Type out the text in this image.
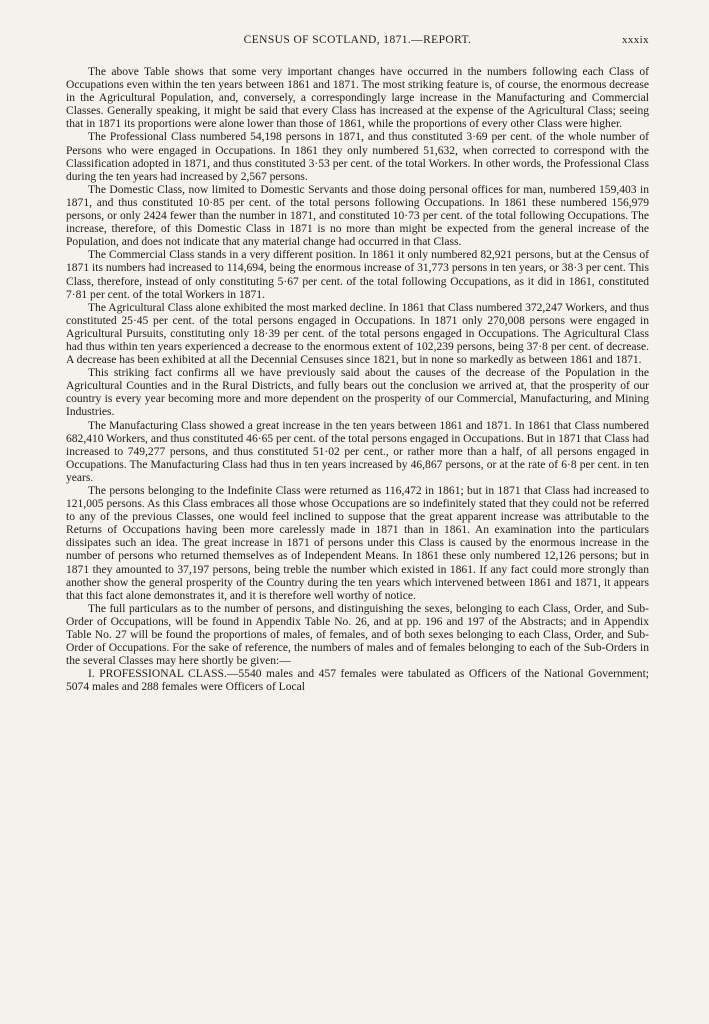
CENSUS OF SCOTLAND, 1871.—REPORT.	xxxix

The above Table shows that some very important changes have occurred in the numbers following each Class of Occupations even within the ten years between 1861 and 1871. The most striking feature is, of course, the enormous decrease in the Agricultural Population, and, conversely, a correspondingly large increase in the Manufacturing and Commercial Classes. Generally speaking, it might be said that every Class has increased at the expense of the Agricultural Class; seeing that in 1871 its proportions were alone lower than those of 1861, while the proportions of every other Class were higher.

The Professional Class numbered 54,198 persons in 1871, and thus constituted 3·69 per cent. of the whole number of Persons who were engaged in Occupations. In 1861 they only numbered 51,632, when corrected to correspond with the Classification adopted in 1871, and thus constituted 3·53 per cent. of the total Workers. In other words, the Professional Class during the ten years had increased by 2,567 persons.

The Domestic Class, now limited to Domestic Servants and those doing personal offices for man, numbered 159,403 in 1871, and thus constituted 10·85 per cent. of the total persons following Occupations. In 1861 these numbered 156,979 persons, or only 2424 fewer than the number in 1871, and constituted 10·73 per cent. of the total following Occupations. The increase, therefore, of this Domestic Class in 1871 is no more than might be expected from the general increase of the Population, and does not indicate that any material change had occurred in that Class.

The Commercial Class stands in a very different position. In 1861 it only numbered 82,921 persons, but at the Census of 1871 its numbers had increased to 114,694, being the enormous increase of 31,773 persons in ten years, or 38·3 per cent. This Class, therefore, instead of only constituting 5·67 per cent. of the total following Occupations, as it did in 1861, constituted 7·81 per cent. of the total Workers in 1871.

The Agricultural Class alone exhibited the most marked decline. In 1861 that Class numbered 372,247 Workers, and thus constituted 25·45 per cent. of the total persons engaged in Occupations. In 1871 only 270,008 persons were engaged in Agricultural Pursuits, constituting only 18·39 per cent. of the total persons engaged in Occupations. The Agricultural Class had thus within ten years experienced a decrease to the enormous extent of 102,239 persons, being 37·8 per cent. of decrease. A decrease has been exhibited at all the Decennial Censuses since 1821, but in none so markedly as between 1861 and 1871.

This striking fact confirms all we have previously said about the causes of the decrease of the Population in the Agricultural Counties and in the Rural Districts, and fully bears out the conclusion we arrived at, that the prosperity of our country is every year becoming more and more dependent on the prosperity of our Commercial, Manufacturing, and Mining Industries.

The Manufacturing Class showed a great increase in the ten years between 1861 and 1871. In 1861 that Class numbered 682,410 Workers, and thus constituted 46·65 per cent. of the total persons engaged in Occupations. But in 1871 that Class had increased to 749,277 persons, and thus constituted 51·02 per cent., or rather more than a half, of all persons engaged in Occupations. The Manufacturing Class had thus in ten years increased by 46,867 persons, or at the rate of 6·8 per cent. in ten years.

The persons belonging to the Indefinite Class were returned as 116,472 in 1861; but in 1871 that Class had increased to 121,005 persons. As this Class embraces all those whose Occupations are so indefinitely stated that they could not be referred to any of the previous Classes, one would feel inclined to suppose that the great apparent increase was attributable to the Returns of Occupations having been more carelessly made in 1871 than in 1861. An examination into the particulars dissipates such an idea. The great increase in 1871 of persons under this Class is caused by the enormous increase in the number of persons who returned themselves as of Independent Means. In 1861 these only numbered 12,126 persons; but in 1871 they amounted to 37,197 persons, being treble the number which existed in 1861. If any fact could more strongly than another show the general prosperity of the Country during the ten years which intervened between 1861 and 1871, it appears that this fact alone demonstrates it, and it is therefore well worthy of notice.

The full particulars as to the number of persons, and distinguishing the sexes, belonging to each Class, Order, and Sub-Order of Occupations, will be found in Appendix Table No. 26, and at pp. 196 and 197 of the Abstracts; and in Appendix Table No. 27 will be found the proportions of males, of females, and of both sexes belonging to each Class, Order, and Sub-Order of Occupations. For the sake of reference, the numbers of males and of females belonging to each of the Sub-Orders in the several Classes may here shortly be given:—

I. PROFESSIONAL CLASS.—5540 males and 457 females were tabulated as Officers of the National Government; 5074 males and 288 females were Officers of Local
